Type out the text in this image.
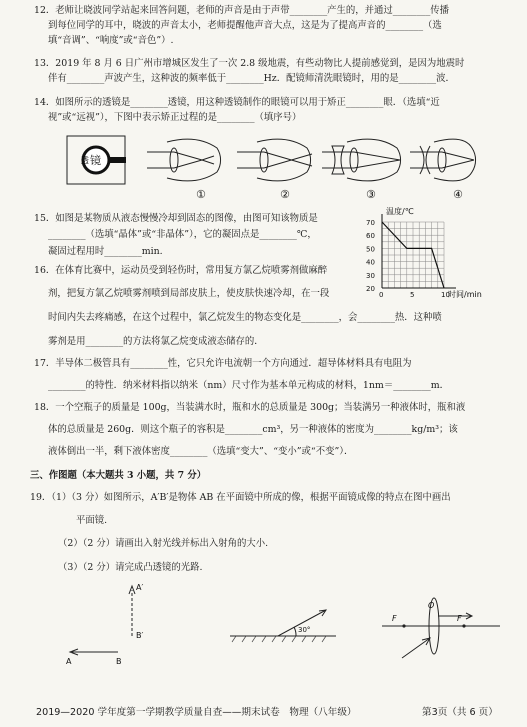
12．老师让晓波同学站起来回答问题，老师的声音是由于声带________产生的，并通过________传播
到每位同学的耳中，晓波的声音太小，老师提醒他声音大点，这是为了提高声音的________（选
填“音调”、“响度”或“音色”）.
13．2019 年 8 月 6 日广州市增城区发生了一次 2.8 级地震，有些动物比人提前感觉到，是因为地震时
伴有________声波产生，这种波的频率低于________Hz．配镜师清洗眼镜时，用的是________波．
14．如图所示的透镜是________透镜，用这种透镜制作的眼镜可以用于矫正________眼．（选填“近
视”或“远视”），下图中表示矫正过程的是________（填序号）
透 镜
①	②	③	④
15．如图是某物质从液态慢慢冷却到固态的图像，由图可知该物质是
________（选填“晶体”或“非晶体”），它的凝固点是________℃，
凝固过程用时________min.
20
30
40
50
60
70
0	5	10
温度/℃
时间/min
16．在体育比赛中，运动员受到轻伤时，常用复方氯乙烷喷雾剂做麻醉
剂，把复方氯乙烷喷雾剂喷到局部皮肤上，使皮肤快速冷却，在一段
时间内失去疼痛感，在这个过程中，氯乙烷发生的物态变化是________，会________热．这种喷
雾剂是用________的方法将氯乙烷变成液态储存的．
17．半导体二极管具有________性，它只允许电流朝一个方向通过．超导体材料具有电阻为
________的特性．纳米材料指以纳米（nm）尺寸作为基本单元构成的材料，1nm＝________m．
18．一个空瓶子的质量是 100g，当装满水时，瓶和水的总质量是 300g；当装满另一种液体时，瓶和液
体的总质量是 260g．则这个瓶子的容积是________cm³，另一种液体的密度为________kg/m³；该
液体倒出一半，剩下液体密度________（选填“变大”、“变小”或“不变”）．
三、作图题（本大题共 3 小题，共 7 分）
19．（1）（3 分）如图所示，A′B′是物体 AB 在平面镜中所成的像，根据平面镜成像的特点在图中画出
平面镜.
（2）（2 分）请画出入射光线并标出入射角的大小.
（3）（2 分）请完成凸透镜的光路.
A′
B′
A	B
30°
F
O
F
2019—2020 学年度第一学期教学质量自查——期末试卷　物理（八年级）	第3页（共 6 页）
